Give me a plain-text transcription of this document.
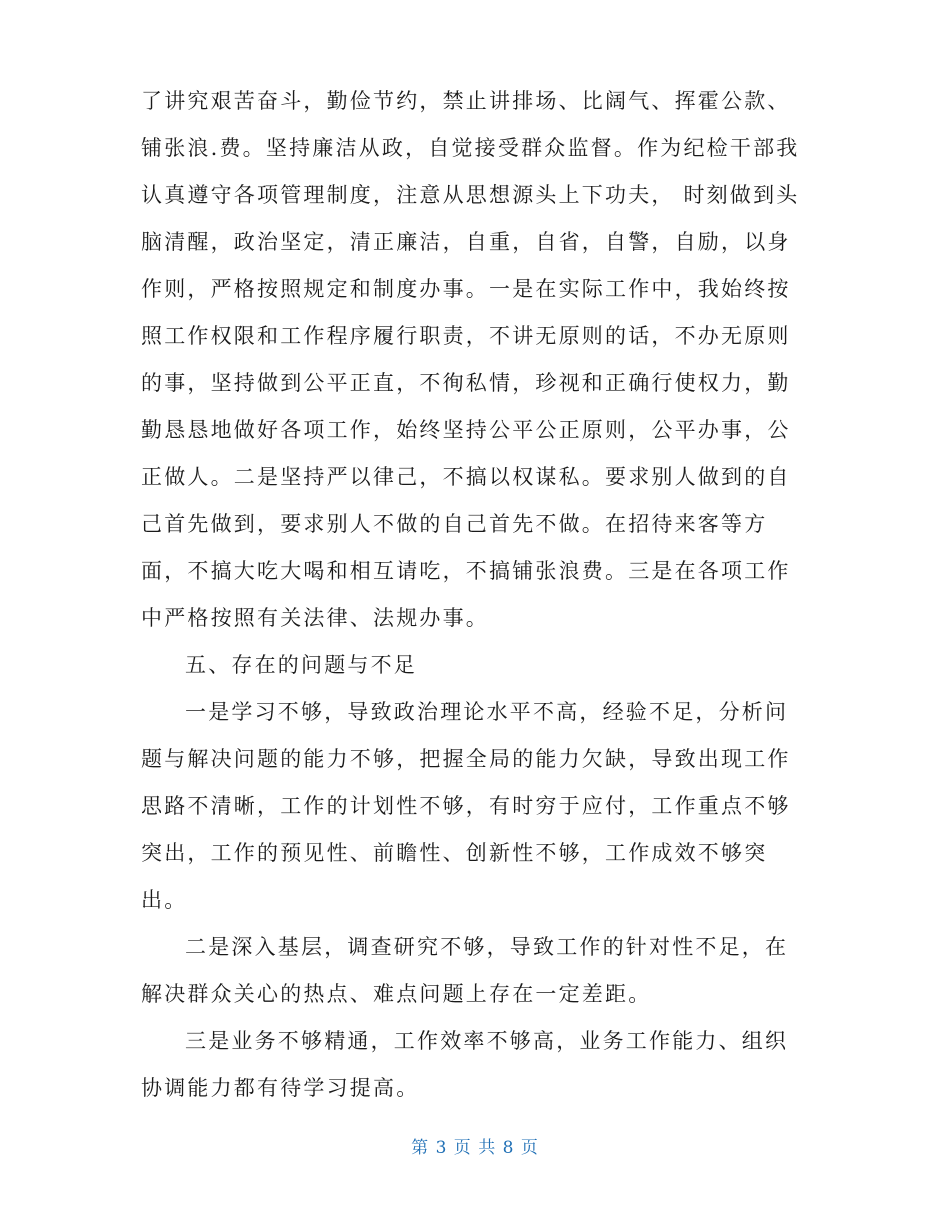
了讲究艰苦奋斗，勤俭节约，禁止讲排场、比阔气、挥霍公款、
铺张浪.费。坚持廉洁从政，自觉接受群众监督。作为纪检干部我
认真遵守各项管理制度，注意从思想源头上下功夫， 时刻做到头
脑清醒，政治坚定，清正廉洁，自重，自省，自警，自励，以身
作则，严格按照规定和制度办事。一是在实际工作中，我始终按
照工作权限和工作程序履行职责，不讲无原则的话，不办无原则
的事，坚持做到公平正直，不徇私情，珍视和正确行使权力，勤
勤恳恳地做好各项工作，始终坚持公平公正原则，公平办事，公
正做人。二是坚持严以律己，不搞以权谋私。要求别人做到的自
己首先做到，要求别人不做的自己首先不做。在招待来客等方
面，不搞大吃大喝和相互请吃，不搞铺张浪费。三是在各项工作
中严格按照有关法律、法规办事。
五、存在的问题与不足
一是学习不够，导致政治理论水平不高，经验不足，分析问
题与解决问题的能力不够，把握全局的能力欠缺，导致出现工作
思路不清晰，工作的计划性不够，有时穷于应付，工作重点不够
突出，工作的预见性、前瞻性、创新性不够，工作成效不够突
出。
二是深入基层，调查研究不够，导致工作的针对性不足，在
解决群众关心的热点、难点问题上存在一定差距。
三是业务不够精通，工作效率不够高，业务工作能力、组织
协调能力都有待学习提高。
第 3 页 共 8 页
